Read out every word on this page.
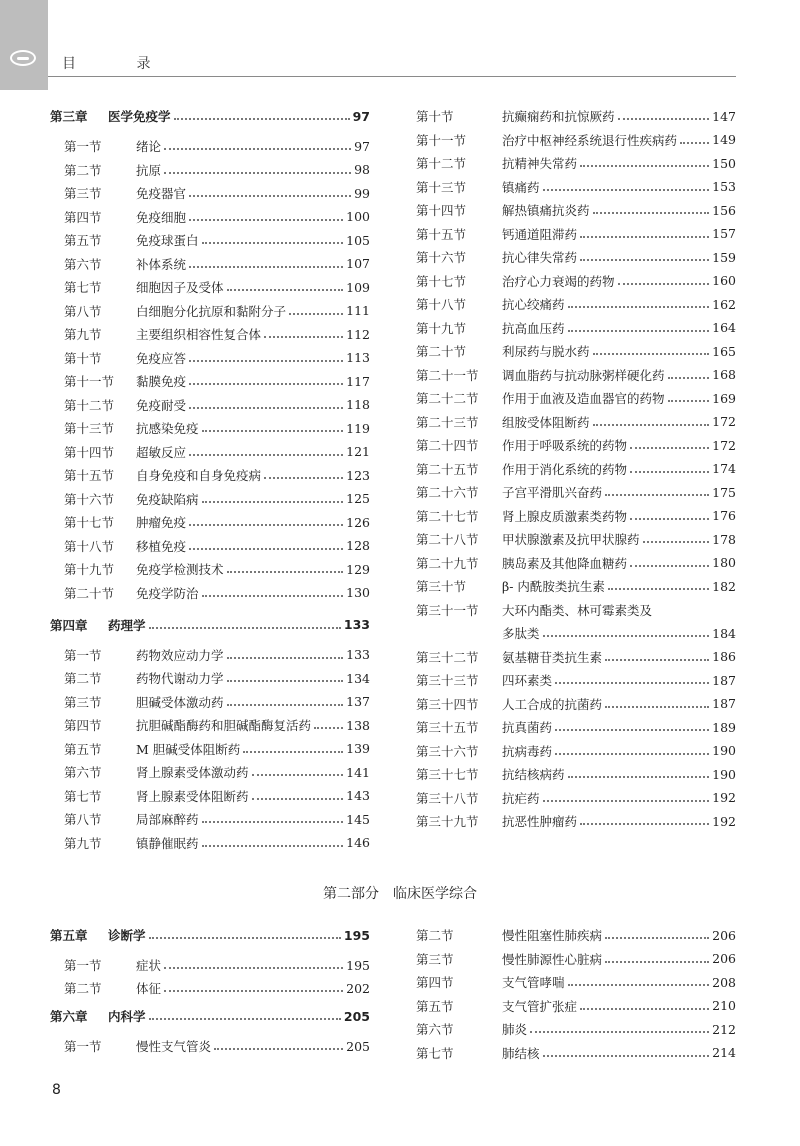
目 录
第三章	医学免疫学	97
第一节	绪论	97
第二节	抗原	98
第三节	免疫器官	99
第四节	免疫细胞	100
第五节	免疫球蛋白	105
第六节	补体系统	107
第七节	细胞因子及受体	109
第八节	白细胞分化抗原和黏附分子	111
第九节	主要组织相容性复合体	112
第十节	免疫应答	113
第十一节	黏膜免疫	117
第十二节	免疫耐受	118
第十三节	抗感染免疫	119
第十四节	超敏反应	121
第十五节	自身免疫和自身免疫病	123
第十六节	免疫缺陷病	125
第十七节	肿瘤免疫	126
第十八节	移植免疫	128
第十九节	免疫学检测技术	129
第二十节	免疫学防治	130
第四章	药理学	133
第一节	药物效应动力学	133
第二节	药物代谢动力学	134
第三节	胆碱受体激动药	137
第四节	抗胆碱酯酶药和胆碱酯酶复活药	138
第五节	M 胆碱受体阻断药	139
第六节	肾上腺素受体激动药	141
第七节	肾上腺素受体阻断药	143
第八节	局部麻醉药	145
第九节	镇静催眠药	146
第十节	抗癫痫药和抗惊厥药	147
第十一节	治疗中枢神经系统退行性疾病药	149
第十二节	抗精神失常药	150
第十三节	镇痛药	153
第十四节	解热镇痛抗炎药	156
第十五节	钙通道阻滞药	157
第十六节	抗心律失常药	159
第十七节	治疗心力衰竭的药物	160
第十八节	抗心绞痛药	162
第十九节	抗高血压药	164
第二十节	利尿药与脱水药	165
第二十一节	调血脂药与抗动脉粥样硬化药	168
第二十二节	作用于血液及造血器官的药物	169
第二十三节	组胺受体阻断药	172
第二十四节	作用于呼吸系统的药物	172
第二十五节	作用于消化系统的药物	174
第二十六节	子宫平滑肌兴奋药	175
第二十七节	肾上腺皮质激素类药物	176
第二十八节	甲状腺激素及抗甲状腺药	178
第二十九节	胰岛素及其他降血糖药	180
第三十节	β- 内酰胺类抗生素	182
第三十一节	大环内酯类、林可霉素类及
多肽类	184
第三十二节	氨基糖苷类抗生素	186
第三十三节	四环素类	187
第三十四节	人工合成的抗菌药	187
第三十五节	抗真菌药	189
第三十六节	抗病毒药	190
第三十七节	抗结核病药	190
第三十八节	抗疟药	192
第三十九节	抗恶性肿瘤药	192
第二部分　临床医学综合
第五章	诊断学	195
第一节	症状	195
第二节	体征	202
第六章	内科学	205
第一节	慢性支气管炎	205
第二节	慢性阻塞性肺疾病	206
第三节	慢性肺源性心脏病	206
第四节	支气管哮喘	208
第五节	支气管扩张症	210
第六节	肺炎	212
第七节	肺结核	214
8
